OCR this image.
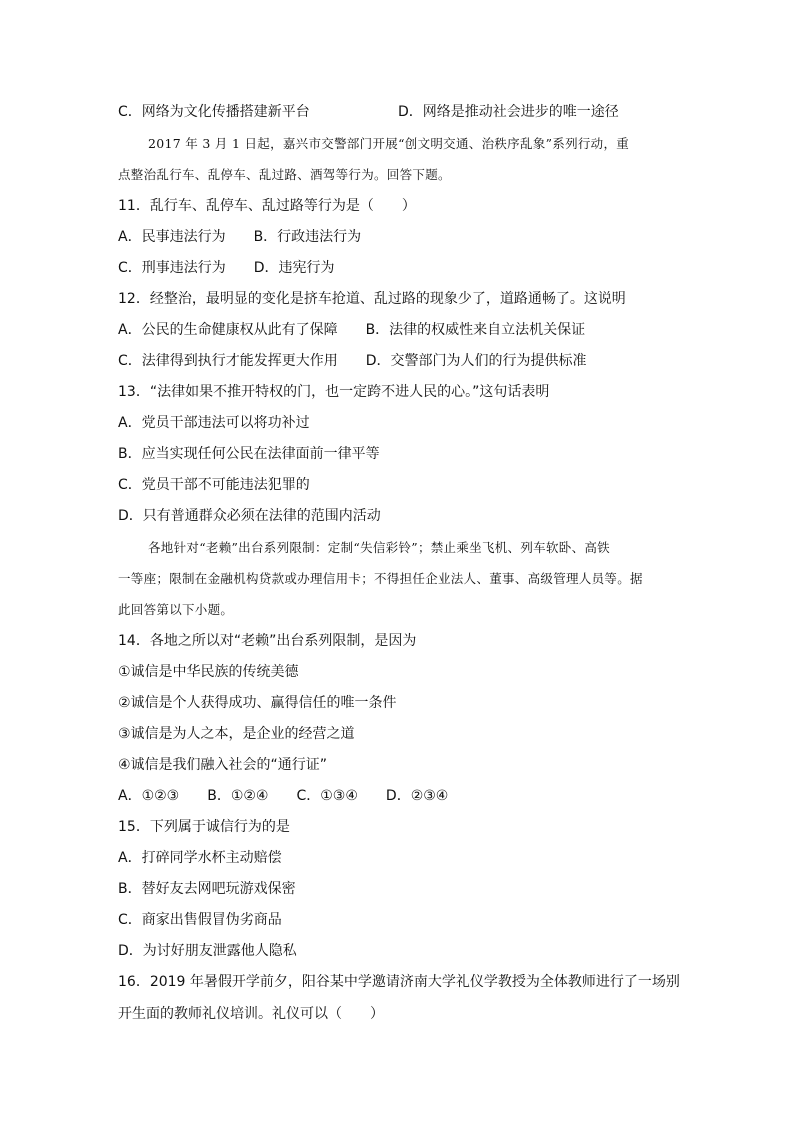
C．网络为文化传播搭建新平台	D．网络是推动社会进步的唯一途径
2017 年 3 月 1 日起，嘉兴市交警部门开展“创文明交通、治秩序乱象”系列行动，重
点整治乱行车、乱停车、乱过路、酒驾等行为。回答下题。
11．乱行车、乱停车、乱过路等行为是（　　）
A．民事违法行为　　B．行政违法行为
C．刑事违法行为　　D．违宪行为
12．经整治，最明显的变化是挤车抢道、乱过路的现象少了，道路通畅了。这说明
A．公民的生命健康权从此有了保障　　B．法律的权威性来自立法机关保证
C．法律得到执行才能发挥更大作用　　D．交警部门为人们的行为提供标准
13．“法律如果不推开特权的门，也一定跨不进人民的心。”这句话表明
A．党员干部违法可以将功补过
B．应当实现任何公民在法律面前一律平等
C．党员干部不可能违法犯罪的
D．只有普通群众必须在法律的范围内活动
各地针对“老赖”出台系列限制：定制“失信彩铃”；禁止乘坐飞机、列车软卧、高铁
一等座；限制在金融机构贷款或办理信用卡；不得担任企业法人、董事、高级管理人员等。据
此回答第以下小题。
14．各地之所以对“老赖”出台系列限制，是因为
①诚信是中华民族的传统美德
②诚信是个人获得成功、赢得信任的唯一条件
③诚信是为人之本，是企业的经营之道
④诚信是我们融入社会的“通行证”
A．①②③　　B．①②④　　C．①③④　　D．②③④
15．下列属于诚信行为的是
A．打碎同学水杯主动赔偿
B．替好友去网吧玩游戏保密
C．商家出售假冒伪劣商品
D．为讨好朋友泄露他人隐私
16．2019 年暑假开学前夕，阳谷某中学邀请济南大学礼仪学教授为全体教师进行了一场别
开生面的教师礼仪培训。礼仪可以（　　）
